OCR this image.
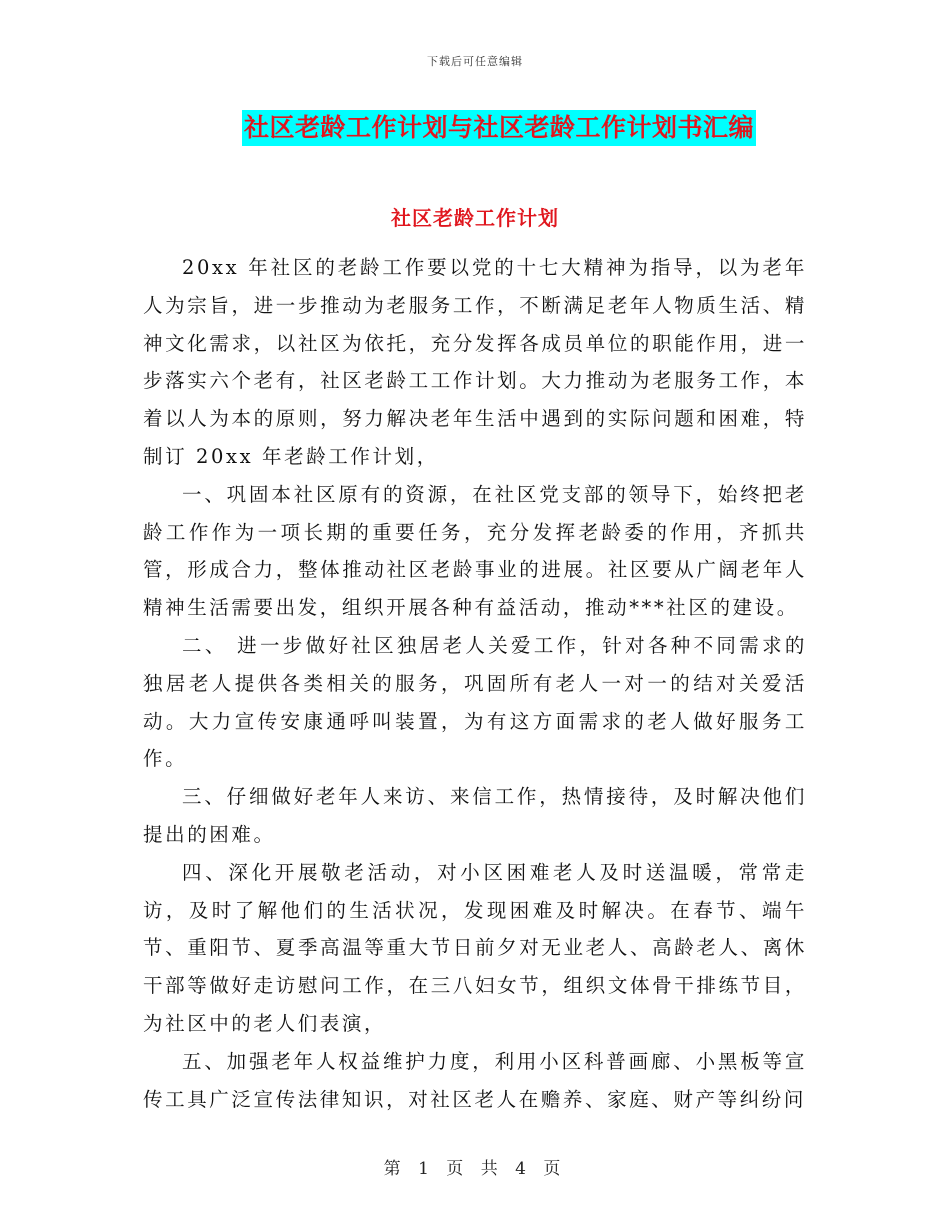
下载后可任意编辑
社区老龄工作计划与社区老龄工作计划书汇编
社区老龄工作计划

20xx 年社区的老龄工作要以党的十七大精神为指导，以为老年人为宗旨，进一步推动为老服务工作，不断满足老年人物质生活、精神文化需求，以社区为依托，充分发挥各成员单位的职能作用，进一步落实六个老有，社区老龄工工作计划。大力推动为老服务工作，本着以人为本的原则，努力解决老年生活中遇到的实际问题和困难，特制订 20xx 年老龄工作计划，

一、巩固本社区原有的资源，在社区党支部的领导下，始终把老龄工作作为一项长期的重要任务，充分发挥老龄委的作用，齐抓共管，形成合力，整体推动社区老龄事业的进展。社区要从广阔老年人精神生活需要出发，组织开展各种有益活动，推动***社区的建设。

二、 进一步做好社区独居老人关爱工作，针对各种不同需求的独居老人提供各类相关的服务，巩固所有老人一对一的结对关爱活动。大力宣传安康通呼叫装置，为有这方面需求的老人做好服务工作。

三、仔细做好老年人来访、来信工作，热情接待，及时解决他们提出的困难。

四、深化开展敬老活动，对小区困难老人及时送温暖，常常走访，及时了解他们的生活状况，发现困难及时解决。在春节、端午节、重阳节、夏季高温等重大节日前夕对无业老人、高龄老人、离休干部等做好走访慰问工作，在三八妇女节，组织文体骨干排练节目，为社区中的老人们表演，

五、加强老年人权益维护力度，利用小区科普画廊、小黑板等宣传工具广泛宣传法律知识，对社区老人在赡养、家庭、财产等纠纷问

第 1 页 共 4 页
